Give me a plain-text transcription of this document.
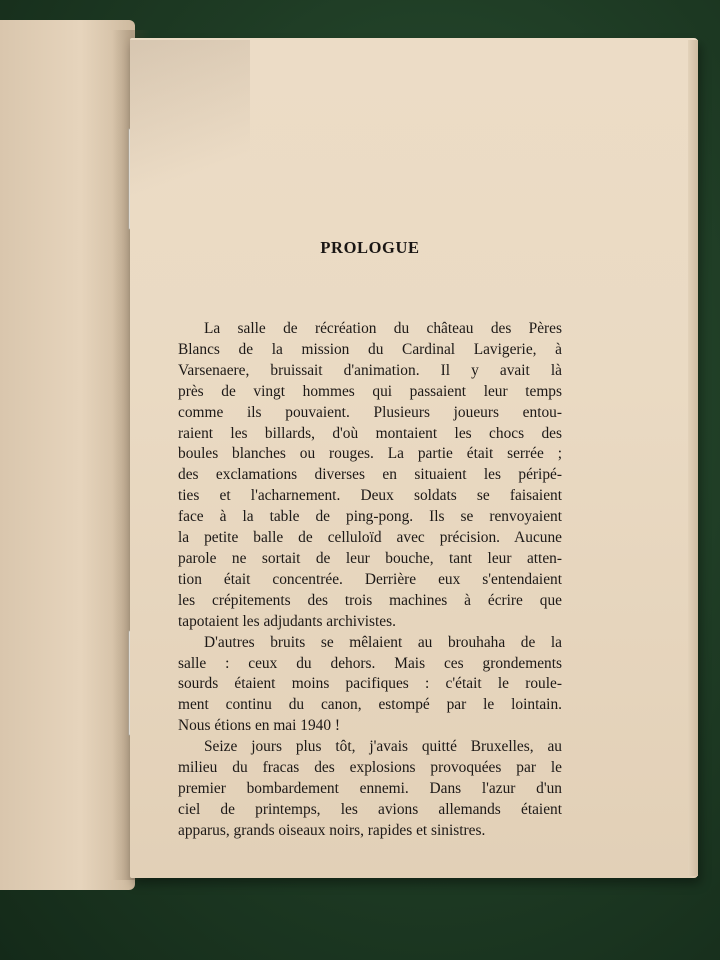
PROLOGUE

La salle de récréation du château des Pères
Blancs de la mission du Cardinal Lavigerie, à
Varsenaere, bruissait d'animation. Il y avait là
près de vingt hommes qui passaient leur temps
comme ils pouvaient. Plusieurs joueurs entou-
raient les billards, d'où montaient les chocs des
boules blanches ou rouges. La partie était serrée ;
des exclamations diverses en situaient les péripé-
ties et l'acharnement. Deux soldats se faisaient
face à la table de ping-pong. Ils se renvoyaient
la petite balle de celluloïd avec précision. Aucune
parole ne sortait de leur bouche, tant leur atten-
tion était concentrée. Derrière eux s'entendaient
les crépitements des trois machines à écrire que
tapotaient les adjudants archivistes.

D'autres bruits se mêlaient au brouhaha de la
salle : ceux du dehors. Mais ces grondements
sourds étaient moins pacifiques : c'était le roule-
ment continu du canon, estompé par le lointain.
Nous étions en mai 1940 !

Seize jours plus tôt, j'avais quitté Bruxelles, au
milieu du fracas des explosions provoquées par le
premier bombardement ennemi. Dans l'azur d'un
ciel de printemps, les avions allemands étaient
apparus, grands oiseaux noirs, rapides et sinistres.
